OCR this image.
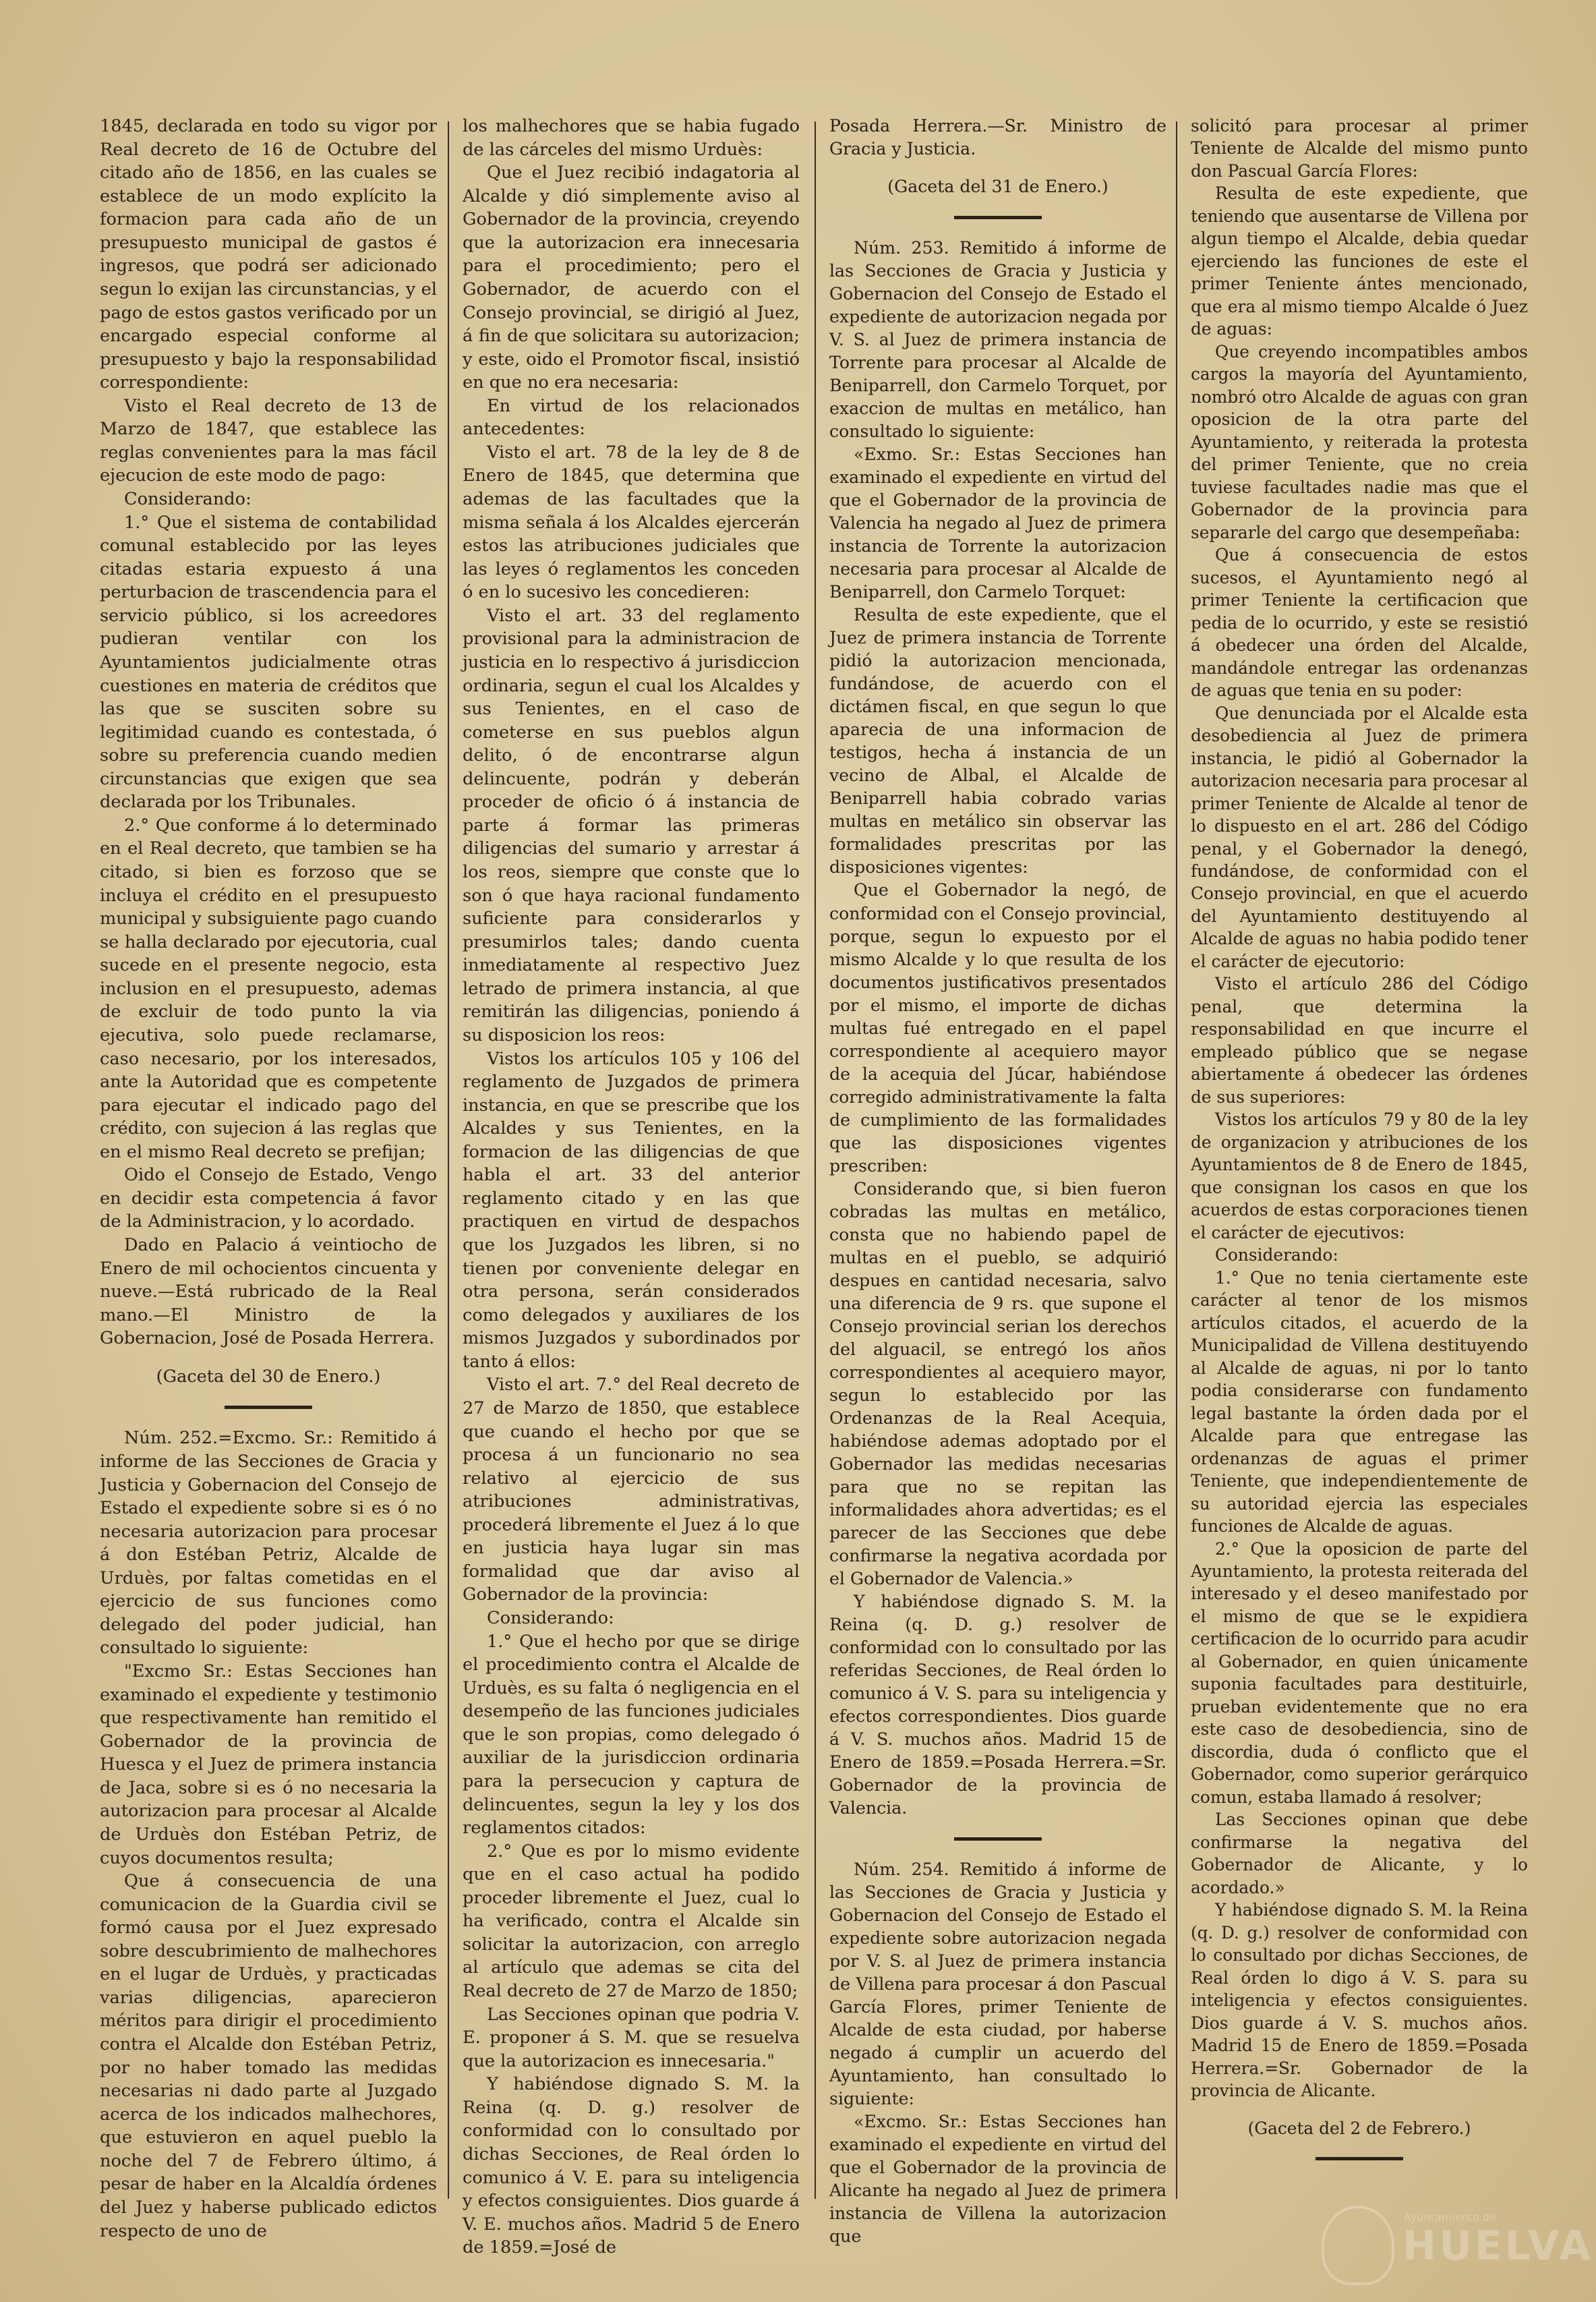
1845, declarada en todo su vigor por Real decreto de 16 de Octubre del citado año de 1856, en las cuales se establece de un modo explícito la formacion para cada año de un presupuesto municipal de gastos é ingresos, que podrá ser adicionado segun lo exijan las circunstancias, y el pago de estos gastos verificado por un encargado especial conforme al presupuesto y bajo la responsabilidad correspondiente:

Visto el Real decreto de 13 de Marzo de 1847, que establece las reglas convenientes para la mas fácil ejecucion de este modo de pago:

Considerando:

1.° Que el sistema de contabilidad comunal establecido por las leyes citadas estaria expuesto á una perturbacion de trascendencia para el servicio público, si los acreedores pudieran ventilar con los Ayuntamientos judicialmente otras cuestiones en materia de créditos que las que se susciten sobre su legitimidad cuando es contestada, ó sobre su preferencia cuando medien circunstancias que exigen que sea declarada por los Tribunales.

2.° Que conforme á lo determinado en el Real decreto, que tambien se ha citado, si bien es forzoso que se incluya el crédito en el presupuesto municipal y subsiguiente pago cuando se halla declarado por ejecutoria, cual sucede en el presente negocio, esta inclusion en el presupuesto, ademas de excluir de todo punto la via ejecutiva, solo puede reclamarse, caso necesario, por los interesados, ante la Autoridad que es competente para ejecutar el indicado pago del crédito, con sujecion á las reglas que en el mismo Real decreto se prefijan;

Oido el Consejo de Estado, Vengo en decidir esta competencia á favor de la Administracion, y lo acordado.

Dado en Palacio á veintiocho de Enero de mil ochocientos cincuenta y nueve.—Está rubricado de la Real mano.—El Ministro de la Gobernacion, José de Posada Herrera.

(Gaceta del 30 de Enero.)

Núm. 252.=Excmo. Sr.: Remitido á informe de las Secciones de Gracia y Justicia y Gobernacion del Consejo de Estado el expediente sobre si es ó no necesaria autorizacion para procesar á don Estéban Petriz, Alcalde de Urduès, por faltas cometidas en el ejercicio de sus funciones como delegado del poder judicial, han consultado lo siguiente:

"Excmo Sr.: Estas Secciones han examinado el expediente y testimonio que respectivamente han remitido el Gobernador de la provincia de Huesca y el Juez de primera instancia de Jaca, sobre si es ó no necesaria la autorizacion para procesar al Alcalde de Urduès don Estéban Petriz, de cuyos documentos resulta;

Que á consecuencia de una comunicacion de la Guardia civil se formó causa por el Juez expresado sobre descubrimiento de malhechores en el lugar de Urduès, y practicadas varias diligencias, aparecieron méritos para dirigir el procedimiento contra el Alcalde don Estéban Petriz, por no haber tomado las medidas necesarias ni dado parte al Juzgado acerca de los indicados malhechores, que estuvieron en aquel pueblo la noche del 7 de Febrero último, á pesar de haber en la Alcaldía órdenes del Juez y haberse publicado edictos respecto de uno de

los malhechores que se habia fugado de las cárceles del mismo Urduès:

Que el Juez recibió indagatoria al Alcalde y dió simplemente aviso al Gobernador de la provincia, creyendo que la autorizacion era innecesaria para el procedimiento; pero el Gobernador, de acuerdo con el Consejo provincial, se dirigió al Juez, á fin de que solicitara su autorizacion; y este, oido el Promotor fiscal, insistió en que no era necesaria:

En virtud de los relacionados antecedentes:

Visto el art. 78 de la ley de 8 de Enero de 1845, que determina que ademas de las facultades que la misma señala á los Alcaldes ejercerán estos las atribuciones judiciales que las leyes ó reglamentos les conceden ó en lo sucesivo les concedieren:

Visto el art. 33 del reglamento provisional para la administracion de justicia en lo respectivo á jurisdiccion ordinaria, segun el cual los Alcaldes y sus Tenientes, en el caso de cometerse en sus pueblos algun delito, ó de encontrarse algun delincuente, podrán y deberán proceder de oficio ó á instancia de parte á formar las primeras diligencias del sumario y arrestar á los reos, siempre que conste que lo son ó que haya racional fundamento suficiente para considerarlos y presumirlos tales; dando cuenta inmediatamente al respectivo Juez letrado de primera instancia, al que remitirán las diligencias, poniendo á su disposicion los reos:

Vistos los artículos 105 y 106 del reglamento de Juzgados de primera instancia, en que se prescribe que los Alcaldes y sus Tenientes, en la formacion de las diligencias de que habla el art. 33 del anterior reglamento citado y en las que practiquen en virtud de despachos que los Juzgados les libren, si no tienen por conveniente delegar en otra persona, serán considerados como delegados y auxiliares de los mismos Juzgados y subordinados por tanto á ellos:

Visto el art. 7.° del Real decreto de 27 de Marzo de 1850, que establece que cuando el hecho por que se procesa á un funcionario no sea relativo al ejercicio de sus atribuciones administrativas, procederá libremente el Juez á lo que en justicia haya lugar sin mas formalidad que dar aviso al Gobernador de la provincia:

Considerando:

1.° Que el hecho por que se dirige el procedimiento contra el Alcalde de Urduès, es su falta ó negligencia en el desempeño de las funciones judiciales que le son propias, como delegado ó auxiliar de la jurisdiccion ordinaria para la persecucion y captura de delincuentes, segun la ley y los dos reglamentos citados:

2.° Que es por lo mismo evidente que en el caso actual ha podido proceder libremente el Juez, cual lo ha verificado, contra el Alcalde sin solicitar la autorizacion, con arreglo al artículo que ademas se cita del Real decreto de 27 de Marzo de 1850;

Las Secciones opinan que podria V. E. proponer á S. M. que se resuelva que la autorizacion es innecesaria."

Y habiéndose dignado S. M. la Reina (q. D. g.) resolver de conformidad con lo consultado por dichas Secciones, de Real órden lo comunico á V. E. para su inteligencia y efectos consiguientes. Dios guarde á V. E. muchos años. Madrid 5 de Enero de 1859.=José de

Posada Herrera.—Sr. Ministro de Gracia y Justicia.

(Gaceta del 31 de Enero.)

Núm. 253. Remitido á informe de las Secciones de Gracia y Justicia y Gobernacion del Consejo de Estado el expediente de autorizacion negada por V. S. al Juez de primera instancia de Torrente para procesar al Alcalde de Beniparrell, don Carmelo Torquet, por exaccion de multas en metálico, han consultado lo siguiente:

«Exmo. Sr.: Estas Secciones han examinado el expediente en virtud del que el Gobernador de la provincia de Valencia ha negado al Juez de primera instancia de Torrente la autorizacion necesaria para procesar al Alcalde de Beniparrell, don Carmelo Torquet:

Resulta de este expediente, que el Juez de primera instancia de Torrente pidió la autorizacion mencionada, fundándose, de acuerdo con el dictámen fiscal, en que segun lo que aparecia de una informacion de testigos, hecha á instancia de un vecino de Albal, el Alcalde de Beniparrell habia cobrado varias multas en metálico sin observar las formalidades prescritas por las disposiciones vigentes:

Que el Gobernador la negó, de conformidad con el Consejo provincial, porque, segun lo expuesto por el mismo Alcalde y lo que resulta de los documentos justificativos presentados por el mismo, el importe de dichas multas fué entregado en el papel correspondiente al acequiero mayor de la acequia del Júcar, habiéndose corregido administrativamente la falta de cumplimiento de las formalidades que las disposiciones vigentes prescriben:

Considerando que, si bien fueron cobradas las multas en metálico, consta que no habiendo papel de multas en el pueblo, se adquirió despues en cantidad necesaria, salvo una diferencia de 9 rs. que supone el Consejo provincial serian los derechos del alguacil, se entregó los años correspondientes al acequiero mayor, segun lo establecido por las Ordenanzas de la Real Acequia, habiéndose ademas adoptado por el Gobernador las medidas necesarias para que no se repitan las informalidades ahora advertidas; es el parecer de las Secciones que debe confirmarse la negativa acordada por el Gobernador de Valencia.»

Y habiéndose dignado S. M. la Reina (q. D. g.) resolver de conformidad con lo consultado por las referidas Secciones, de Real órden lo comunico á V. S. para su inteligencia y efectos correspondientes. Dios guarde á V. S. muchos años. Madrid 15 de Enero de 1859.=Posada Herrera.=Sr. Gobernador de la provincia de Valencia.

Núm. 254. Remitido á informe de las Secciones de Gracia y Justicia y Gobernacion del Consejo de Estado el expediente sobre autorizacion negada por V. S. al Juez de primera instancia de Villena para procesar á don Pascual García Flores, primer Teniente de Alcalde de esta ciudad, por haberse negado á cumplir un acuerdo del Ayuntamiento, han consultado lo siguiente:

«Excmo. Sr.: Estas Secciones han examinado el expediente en virtud del que el Gobernador de la provincia de Alicante ha negado al Juez de primera instancia de Villena la autorizacion que

solicitó para procesar al primer Teniente de Alcalde del mismo punto don Pascual García Flores:

Resulta de este expediente, que teniendo que ausentarse de Villena por algun tiempo el Alcalde, debia quedar ejerciendo las funciones de este el primer Teniente ántes mencionado, que era al mismo tiempo Alcalde ó Juez de aguas:

Que creyendo incompatibles ambos cargos la mayoría del Ayuntamiento, nombró otro Alcalde de aguas con gran oposicion de la otra parte del Ayuntamiento, y reiterada la protesta del primer Teniente, que no creia tuviese facultades nadie mas que el Gobernador de la provincia para separarle del cargo que desempeñaba:

Que á consecuencia de estos sucesos, el Ayuntamiento negó al primer Teniente la certificacion que pedia de lo ocurrido, y este se resistió á obedecer una órden del Alcalde, mandándole entregar las ordenanzas de aguas que tenia en su poder:

Que denunciada por el Alcalde esta desobediencia al Juez de primera instancia, le pidió al Gobernador la autorizacion necesaria para procesar al primer Teniente de Alcalde al tenor de lo dispuesto en el art. 286 del Código penal, y el Gobernador la denegó, fundándose, de conformidad con el Consejo provincial, en que el acuerdo del Ayuntamiento destituyendo al Alcalde de aguas no habia podido tener el carácter de ejecutorio:

Visto el artículo 286 del Código penal, que determina la responsabilidad en que incurre el empleado público que se negase abiertamente á obedecer las órdenes de sus superiores:

Vistos los artículos 79 y 80 de la ley de organizacion y atribuciones de los Ayuntamientos de 8 de Enero de 1845, que consignan los casos en que los acuerdos de estas corporaciones tienen el carácter de ejecutivos:

Considerando:

1.° Que no tenia ciertamente este carácter al tenor de los mismos artículos citados, el acuerdo de la Municipalidad de Villena destituyendo al Alcalde de aguas, ni por lo tanto podia considerarse con fundamento legal bastante la órden dada por el Alcalde para que entregase las ordenanzas de aguas el primer Teniente, que independientemente de su autoridad ejercia las especiales funciones de Alcalde de aguas.

2.° Que la oposicion de parte del Ayuntamiento, la protesta reiterada del interesado y el deseo manifestado por el mismo de que se le expidiera certificacion de lo ocurrido para acudir al Gobernador, en quien únicamente suponia facultades para destituirle, prueban evidentemente que no era este caso de desobediencia, sino de discordia, duda ó conflicto que el Gobernador, como superior gerárquico comun, estaba llamado á resolver;

Las Secciones opinan que debe confirmarse la negativa del Gobernador de Alicante, y lo acordado.»

Y habiéndose dignado S. M. la Reina (q. D. g.) resolver de conformidad con lo consultado por dichas Secciones, de Real órden lo digo á V. S. para su inteligencia y efectos consiguientes. Dios guarde á V. S. muchos años. Madrid 15 de Enero de 1859.=Posada Herrera.=Sr. Gobernador de la provincia de Alicante.

(Gaceta del 2 de Febrero.)

Ayuntamiento de
HUELVA
